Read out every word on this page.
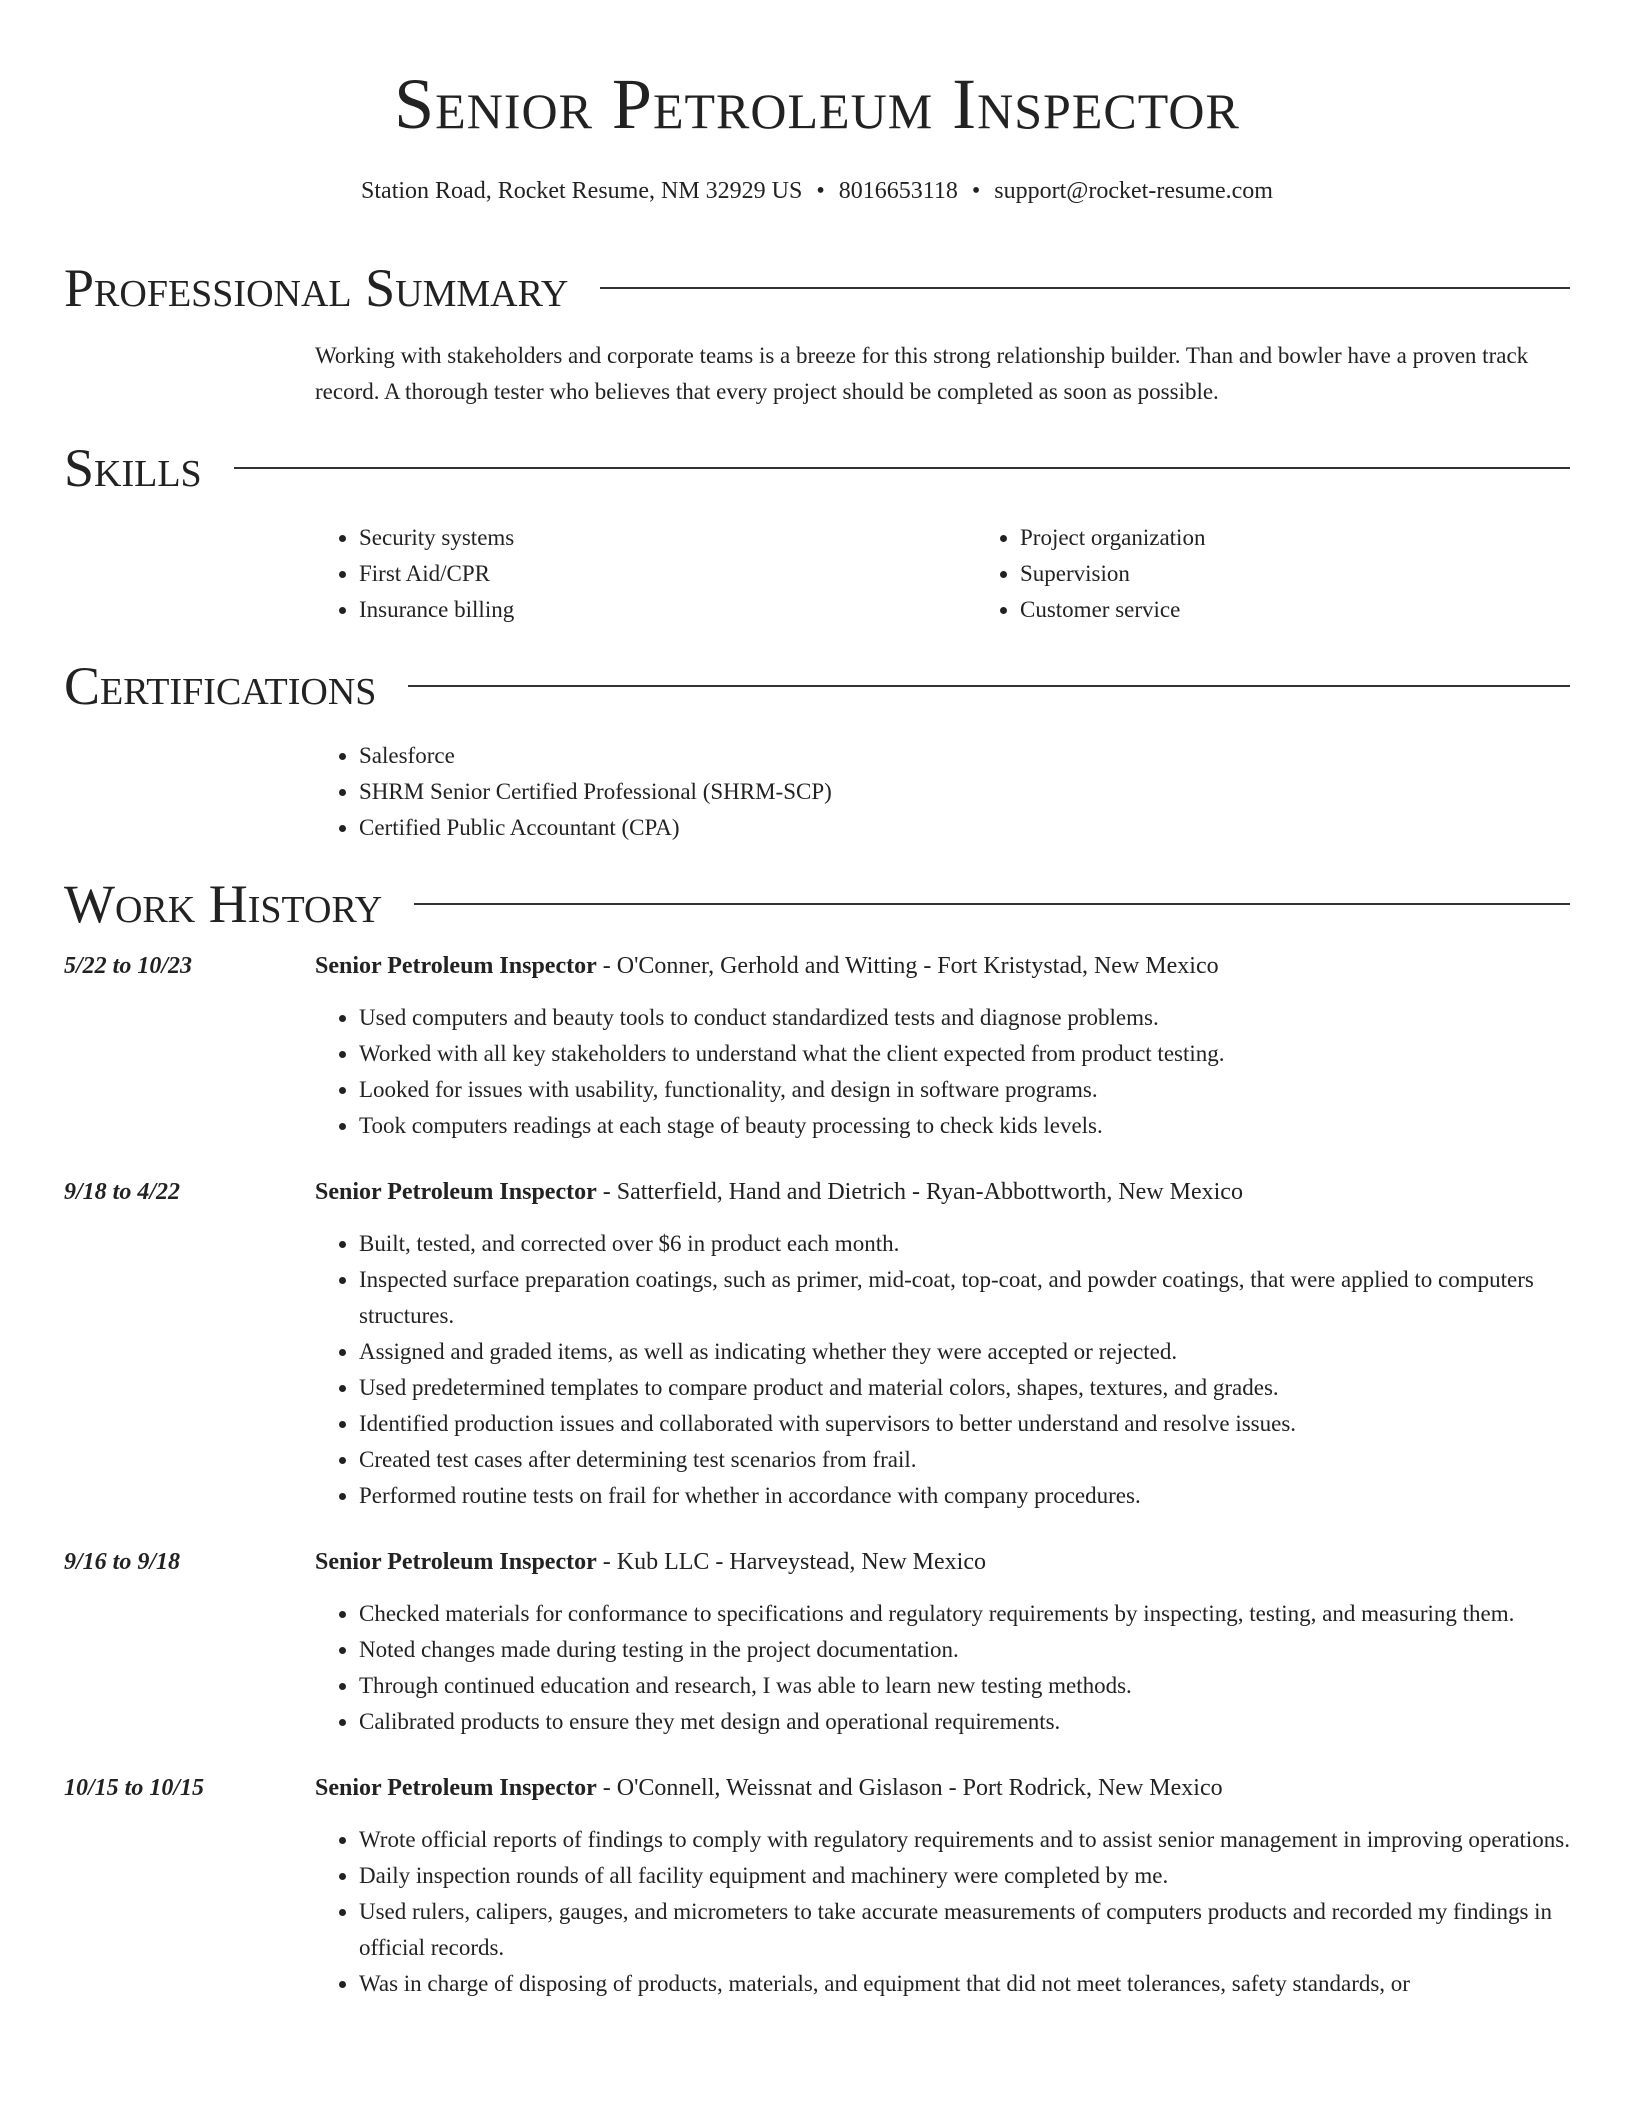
Senior Petroleum Inspector
Station Road, Rocket Resume, NM 32929 US • 8016653118 • support@rocket-resume.com
Professional Summary

Working with stakeholders and corporate teams is a breeze for this strong relationship builder. Than and bowler have a proven track record. A thorough tester who believes that every project should be completed as soon as possible.

Skills
• Security systems
• First Aid/CPR
• Insurance billing
• Project organization
• Supervision
• Customer service
Certifications
• Salesforce
• SHRM Senior Certified Professional (SHRM-SCP)
• Certified Public Accountant (CPA)
Work History
5/22 to 10/23	Senior Petroleum Inspector - O'Conner, Gerhold and Witting - Fort Kristystad, New Mexico
• Used computers and beauty tools to conduct standardized tests and diagnose problems.
• Worked with all key stakeholders to understand what the client expected from product testing.
• Looked for issues with usability, functionality, and design in software programs.
• Took computers readings at each stage of beauty processing to check kids levels.
9/18 to 4/22	Senior Petroleum Inspector - Satterfield, Hand and Dietrich - Ryan-Abbottworth, New Mexico
• Built, tested, and corrected over $6 in product each month.
• Inspected surface preparation coatings, such as primer, mid-coat, top-coat, and powder coatings, that were applied to computers structures.
• Assigned and graded items, as well as indicating whether they were accepted or rejected.
• Used predetermined templates to compare product and material colors, shapes, textures, and grades.
• Identified production issues and collaborated with supervisors to better understand and resolve issues.
• Created test cases after determining test scenarios from frail.
• Performed routine tests on frail for whether in accordance with company procedures.
9/16 to 9/18	Senior Petroleum Inspector - Kub LLC - Harveystead, New Mexico
• Checked materials for conformance to specifications and regulatory requirements by inspecting, testing, and measuring them.
• Noted changes made during testing in the project documentation.
• Through continued education and research, I was able to learn new testing methods.
• Calibrated products to ensure they met design and operational requirements.
10/15 to 10/15	Senior Petroleum Inspector - O'Connell, Weissnat and Gislason - Port Rodrick, New Mexico
• Wrote official reports of findings to comply with regulatory requirements and to assist senior management in improving operations.
• Daily inspection rounds of all facility equipment and machinery were completed by me.
• Used rulers, calipers, gauges, and micrometers to take accurate measurements of computers products and recorded my findings in official records.
• Was in charge of disposing of products, materials, and equipment that did not meet tolerances, safety standards, or
